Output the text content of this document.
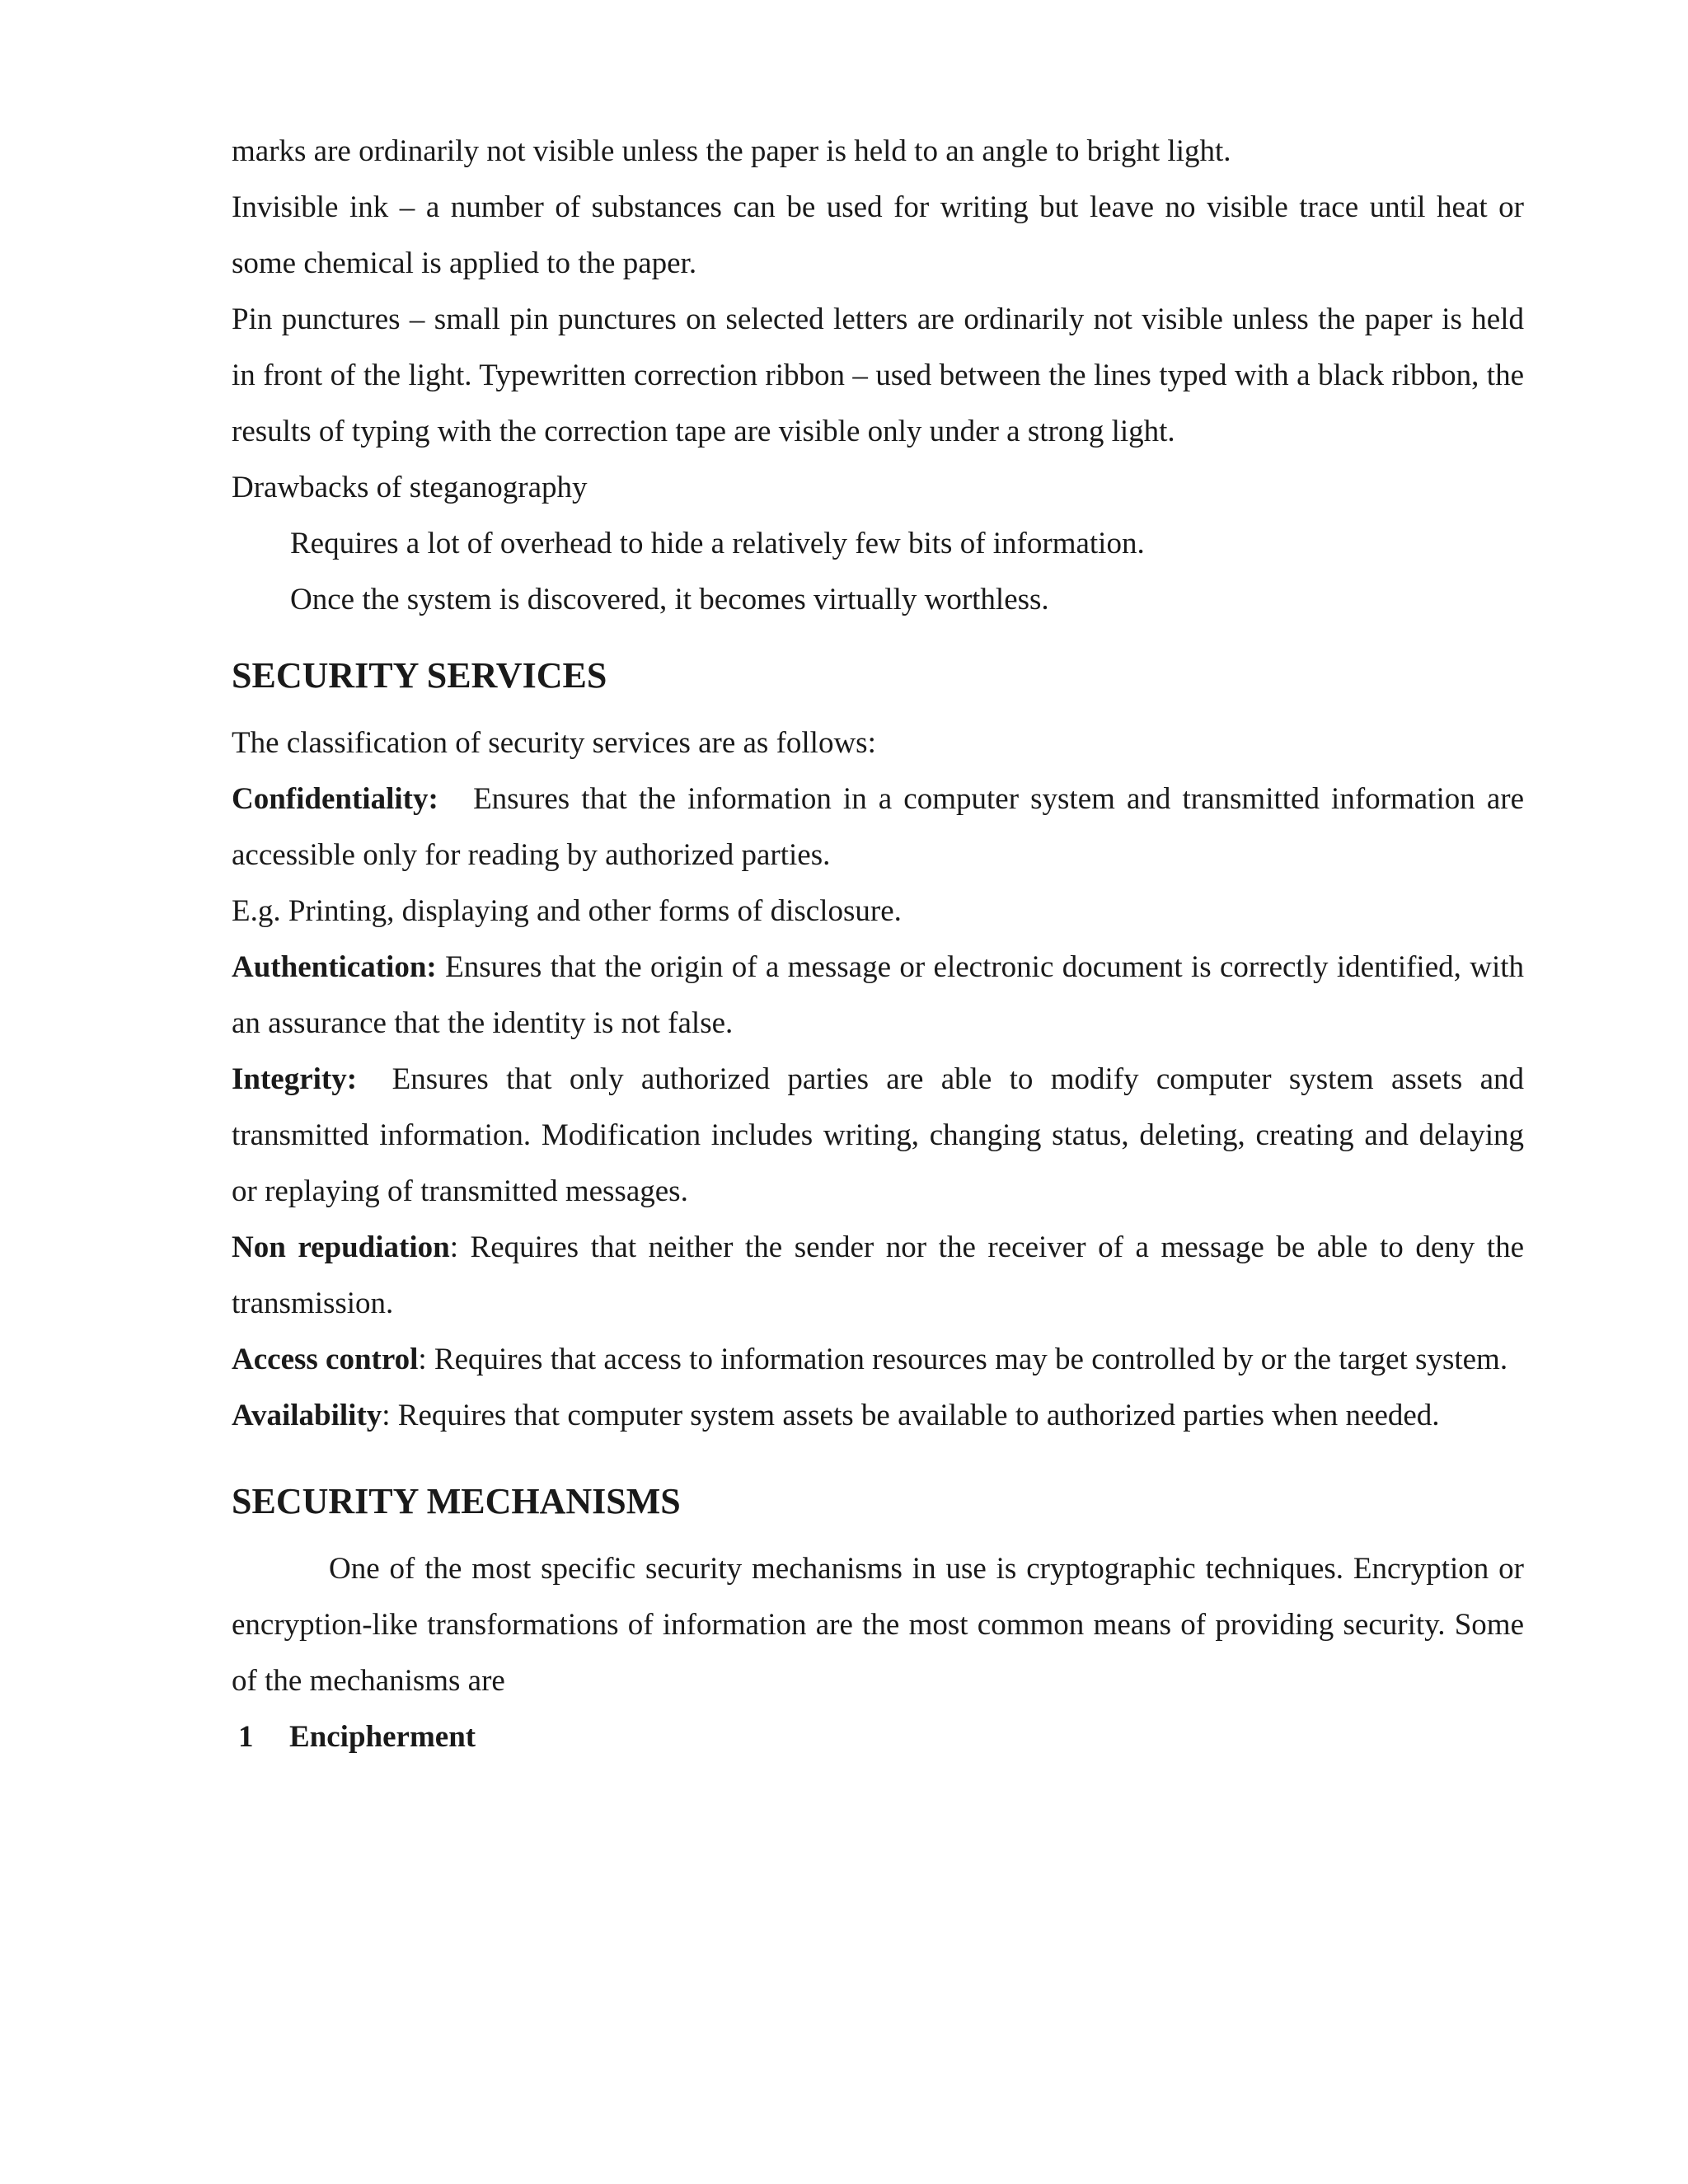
marks are ordinarily not visible unless the paper is held to an angle to bright light.

Invisible ink – a number of substances can be used for writing but leave no visible trace until heat or some chemical is applied to the paper.

Pin punctures – small pin punctures on selected letters are ordinarily not visible unless the paper is held in front of the light. Typewritten correction ribbon – used between the lines typed with a black ribbon, the results of typing with the correction tape are visible only under a strong light.

Drawbacks of steganography

Requires a lot of overhead to hide a relatively few bits of information.

Once the system is discovered, it becomes virtually worthless.

SECURITY SERVICES

The classification of security services are as follows:

Confidentiality: Ensures that the information in a computer system and transmitted information are accessible only for reading by authorized parties.

E.g. Printing, displaying and other forms of disclosure.

Authentication: Ensures that the origin of a message or electronic document is correctly identified, with an assurance that the identity is not false.

Integrity: Ensures that only authorized parties are able to modify computer system assets and transmitted information. Modification includes writing, changing status, deleting, creating and delaying or replaying of transmitted messages.

Non repudiation: Requires that neither the sender nor the receiver of a message be able to deny the transmission.

Access control: Requires that access to information resources may be controlled by or the target system.

Availability: Requires that computer system assets be available to authorized parties when needed.

SECURITY MECHANISMS

One of the most specific security mechanisms in use is cryptographic techniques. Encryption or encryption-like transformations of information are the most common means of providing security. Some of the mechanisms are

1 Encipherment
